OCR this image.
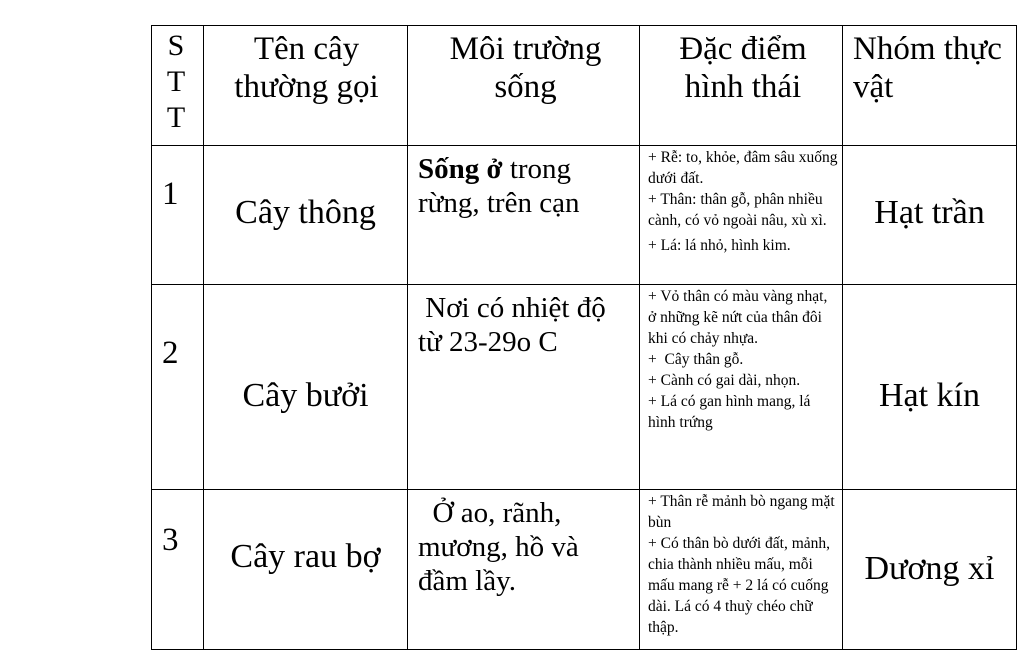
STT	Tên cây thường gọi	Môi trường sống	Đặc điểm hình thái	Nhóm thực vật

1	Cây thông	Sống ở trong rừng, trên cạn	+ Rễ: to, khỏe, đâm sâu xuống dưới đất.

+ Thân: thân gỗ, phân nhiều cành, có vỏ ngoài nâu, xù xì.

+ Lá: lá nhỏ, hình kim.	Hạt trần

2	Cây bưởi	Nơi có nhiệt độ từ 23-29o C	+ Vỏ thân có màu vàng nhạt, ở những kẽ nứt của thân đôi khi có chảy nhựa.

+  Cây thân gỗ.

+ Cành có gai dài, nhọn.

+ Lá có gan hình mang, lá hình trứng	Hạt kín

3	Cây rau bợ	Ở ao, rãnh, mương, hồ và đầm lầy.	+ Thân rễ mảnh bò ngang mặt bùn

+ Có thân bò dưới đất, mảnh, chia thành nhiều mấu, mỗi mấu mang rễ + 2 lá có cuống dài. Lá có 4 thuỳ chéo chữ thập.	Dương xỉ
